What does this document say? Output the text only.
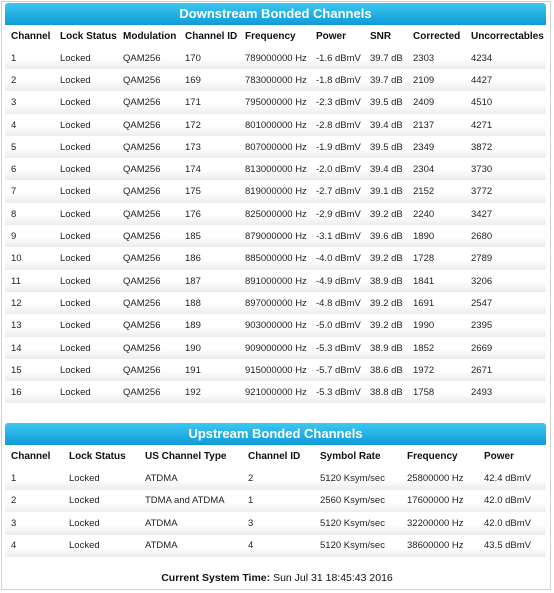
Downstream Bonded Channels
Channel	Lock Status	Modulation	Channel ID	Frequency	Power	SNR	Corrected	Uncorrectables
1	Locked	QAM256	170	789000000 Hz	-1.6 dBmV	39.7 dB	2303	4234
2	Locked	QAM256	169	783000000 Hz	-1.8 dBmV	39.7 dB	2109	4427
3	Locked	QAM256	171	795000000 Hz	-2.3 dBmV	39.5 dB	2409	4510
4	Locked	QAM256	172	801000000 Hz	-2.8 dBmV	39.4 dB	2137	4271
5	Locked	QAM256	173	807000000 Hz	-1.9 dBmV	39.5 dB	2349	3872
6	Locked	QAM256	174	813000000 Hz	-2.0 dBmV	39.4 dB	2304	3730
7	Locked	QAM256	175	819000000 Hz	-2.7 dBmV	39.1 dB	2152	3772
8	Locked	QAM256	176	825000000 Hz	-2.9 dBmV	39.2 dB	2240	3427
9	Locked	QAM256	185	879000000 Hz	-3.1 dBmV	39.6 dB	1890	2680
10	Locked	QAM256	186	885000000 Hz	-4.0 dBmV	39.2 dB	1728	2789
11	Locked	QAM256	187	891000000 Hz	-4.9 dBmV	38.9 dB	1841	3206
12	Locked	QAM256	188	897000000 Hz	-4.8 dBmV	39.2 dB	1691	2547
13	Locked	QAM256	189	903000000 Hz	-5.0 dBmV	39.2 dB	1990	2395
14	Locked	QAM256	190	909000000 Hz	-5.3 dBmV	38.9 dB	1852	2669
15	Locked	QAM256	191	915000000 Hz	-5.7 dBmV	38.6 dB	1972	2671
16	Locked	QAM256	192	921000000 Hz	-5.3 dBmV	38.8 dB	1758	2493
Upstream Bonded Channels
Channel	Lock Status	US Channel Type	Channel ID	Symbol Rate	Frequency	Power
1	Locked	ATDMA	2	5120 Ksym/sec	25800000 Hz	42.4 dBmV
2	Locked	TDMA and ATDMA	1	2560 Ksym/sec	17600000 Hz	42.0 dBmV
3	Locked	ATDMA	3	5120 Ksym/sec	32200000 Hz	42.0 dBmV
4	Locked	ATDMA	4	5120 Ksym/sec	38600000 Hz	43.5 dBmV
Current System Time: Sun Jul 31 18:45:43 2016
